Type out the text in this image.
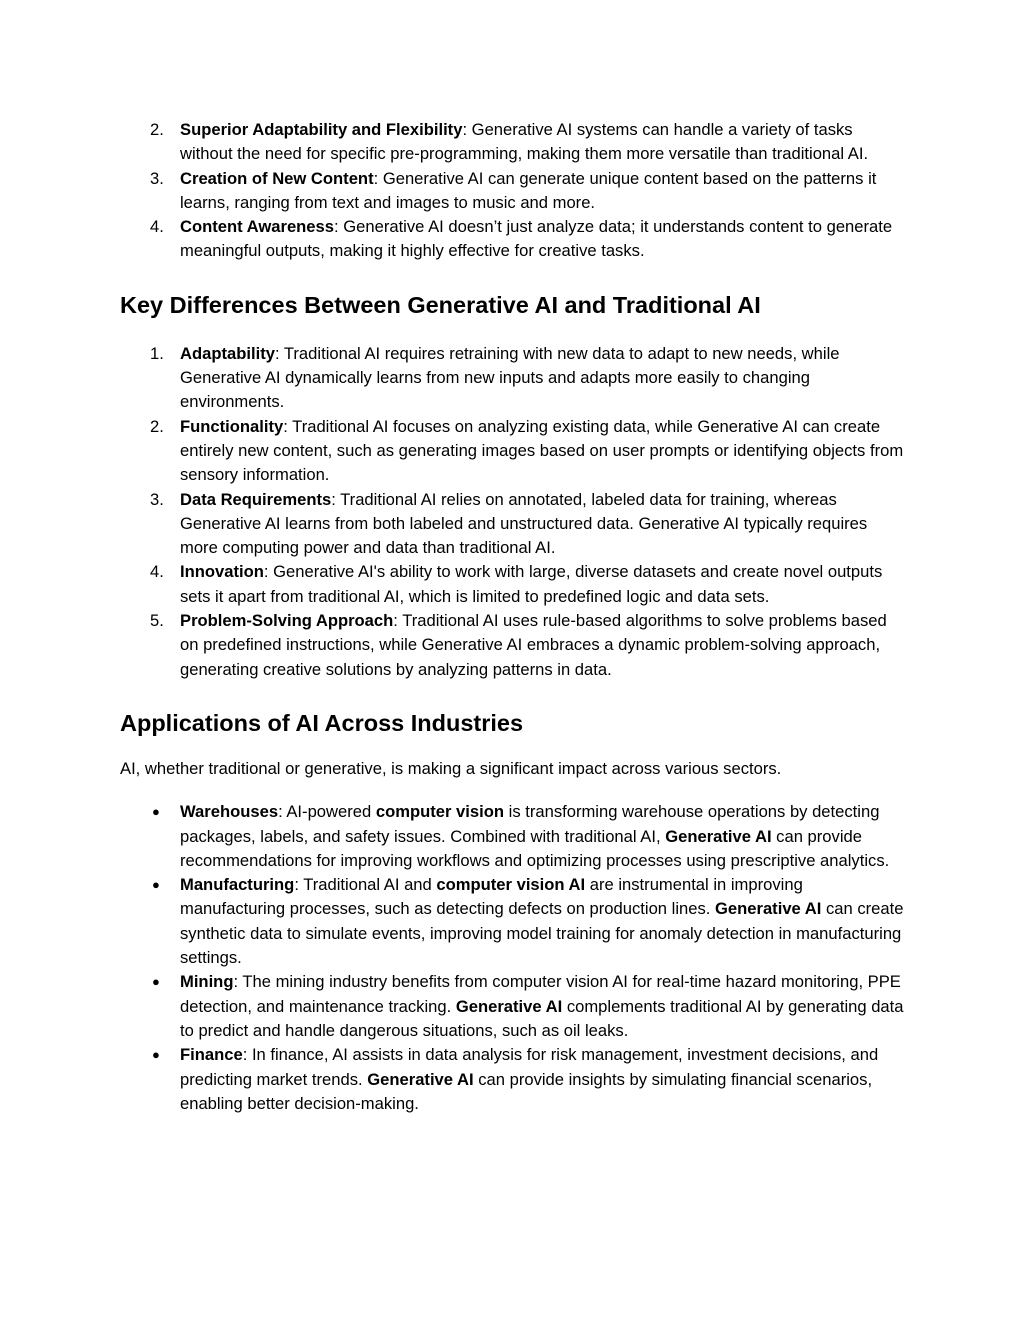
2. Superior Adaptability and Flexibility: Generative AI systems can handle a variety of tasks without the need for specific pre-programming, making them more versatile than traditional AI.
3. Creation of New Content: Generative AI can generate unique content based on the patterns it learns, ranging from text and images to music and more.
4. Content Awareness: Generative AI doesn’t just analyze data; it understands content to generate meaningful outputs, making it highly effective for creative tasks.
Key Differences Between Generative AI and Traditional AI
1. Adaptability: Traditional AI requires retraining with new data to adapt to new needs, while Generative AI dynamically learns from new inputs and adapts more easily to changing environments.
2. Functionality: Traditional AI focuses on analyzing existing data, while Generative AI can create entirely new content, such as generating images based on user prompts or identifying objects from sensory information.
3. Data Requirements: Traditional AI relies on annotated, labeled data for training, whereas Generative AI learns from both labeled and unstructured data. Generative AI typically requires more computing power and data than traditional AI.
4. Innovation: Generative AI's ability to work with large, diverse datasets and create novel outputs sets it apart from traditional AI, which is limited to predefined logic and data sets.
5. Problem-Solving Approach: Traditional AI uses rule-based algorithms to solve problems based on predefined instructions, while Generative AI embraces a dynamic problem-solving approach, generating creative solutions by analyzing patterns in data.
Applications of AI Across Industries

AI, whether traditional or generative, is making a significant impact across various sectors.

● Warehouses: AI-powered computer vision is transforming warehouse operations by detecting packages, labels, and safety issues. Combined with traditional AI, Generative AI can provide recommendations for improving workflows and optimizing processes using prescriptive analytics.
● Manufacturing: Traditional AI and computer vision AI are instrumental in improving manufacturing processes, such as detecting defects on production lines. Generative AI can create synthetic data to simulate events, improving model training for anomaly detection in manufacturing settings.
● Mining: The mining industry benefits from computer vision AI for real-time hazard monitoring, PPE detection, and maintenance tracking. Generative AI complements traditional AI by generating data to predict and handle dangerous situations, such as oil leaks.
● Finance: In finance, AI assists in data analysis for risk management, investment decisions, and predicting market trends. Generative AI can provide insights by simulating financial scenarios, enabling better decision-making.
